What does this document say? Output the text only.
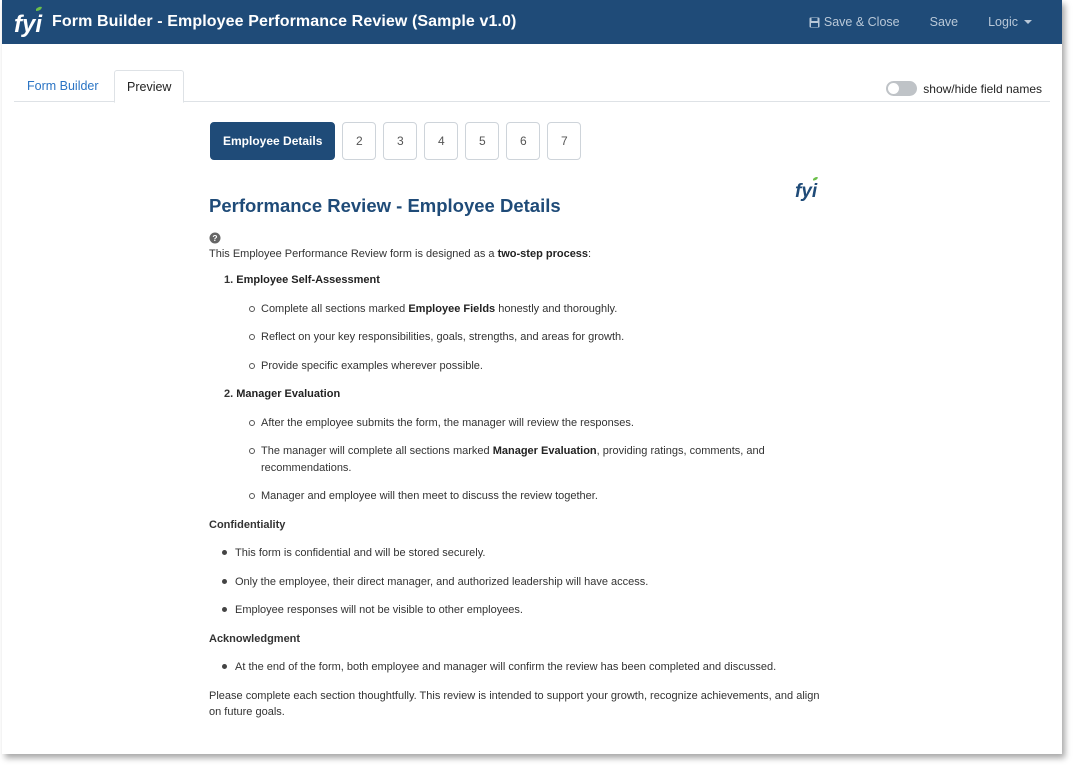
fyi Form Builder - Employee Performance Review (Sample v1.0)	Save & Close Save Logic
Form Builder	Preview	show/hide field names
Employee Details	2	3	4	5	6	7
fyi
Performance Review - Employee Details
?

This Employee Performance Review form is designed as a two-step process:

1. Employee Self-Assessment
Complete all sections marked Employee Fields honestly and thoroughly.
Reflect on your key responsibilities, goals, strengths, and areas for growth.
Provide specific examples wherever possible.
2. Manager Evaluation
After the employee submits the form, the manager will review the responses.
The manager will complete all sections marked Manager Evaluation, providing ratings, comments, and recommendations.
Manager and employee will then meet to discuss the review together.
Confidentiality
This form is confidential and will be stored securely.
Only the employee, their direct manager, and authorized leadership will have access.
Employee responses will not be visible to other employees.
Acknowledgment
At the end of the form, both employee and manager will confirm the review has been completed and discussed.

Please complete each section thoughtfully. This review is intended to support your growth, recognize achievements, and align on future goals.
